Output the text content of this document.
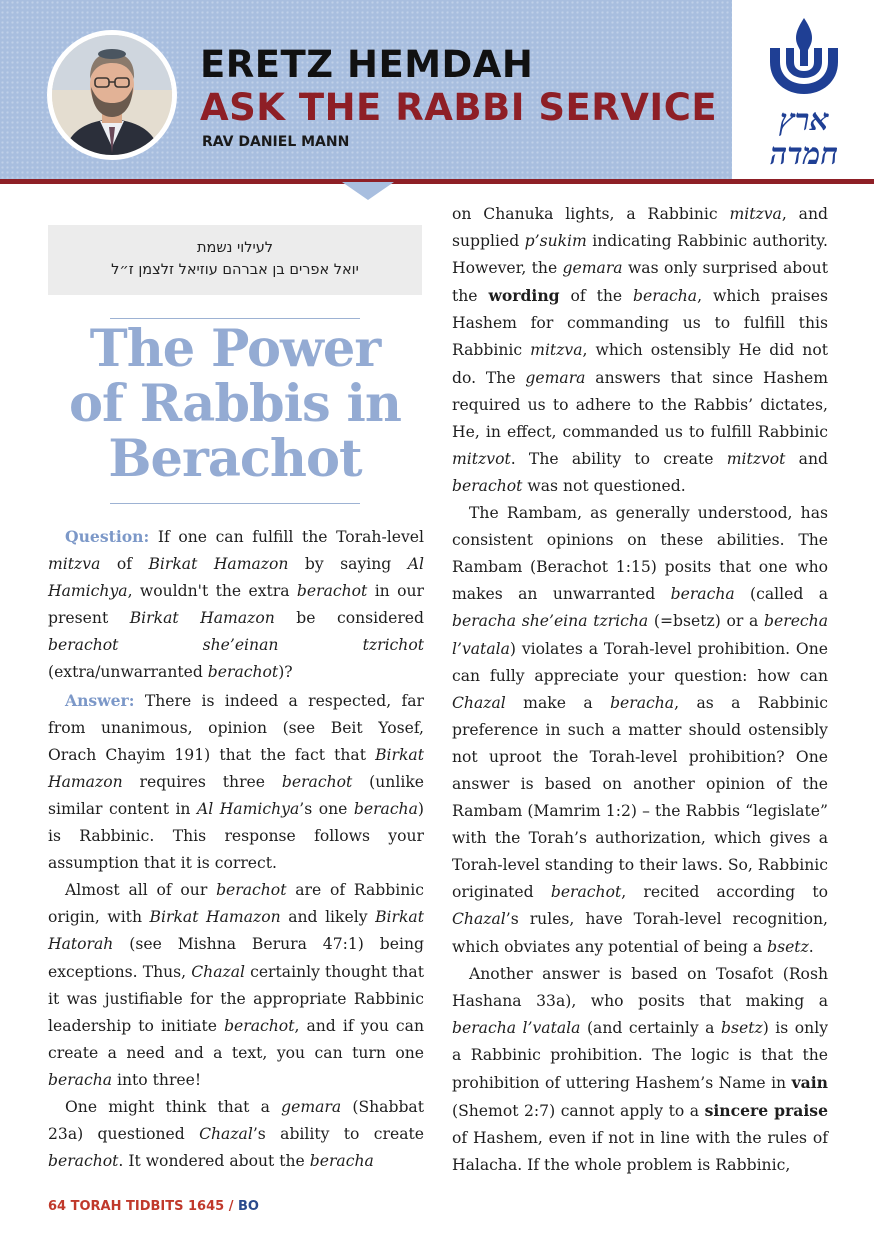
ERETZ HEMDAH
ASK THE RABBI SERVICE
RAV DANIEL MANN
ארץ
חמדה
לעילוי נשמת
יואל אפרים בן אברהם עוזיאל זלצמן ז״ל
The Power
of Rabbis in
Berachot

Question: If one can fulfill the Torah-level mitzva of Birkat Hamazon by saying Al Hamichya, wouldn't the extra berachot in our present Birkat Hamazon be considered berachot she’einan tzrichot (extra/unwarranted berachot)?

Answer: There is indeed a respected, far from unanimous, opinion (see Beit Yosef, Orach Chayim 191) that the fact that Birkat Hamazon requires three berachot (unlike similar content in Al Hamichya’s one beracha) is Rabbinic. This response follows your assumption that it is correct.

Almost all of our berachot are of Rabbinic origin, with Birkat Hamazon and likely Birkat Hatorah (see Mishna Berura 47:1) being exceptions. Thus, Chazal certainly thought that it was justifiable for the appropriate Rabbinic leadership to initiate berachot, and if you can create a need and a text, you can turn one beracha into three!

One might think that a gemara (Shabbat 23a) questioned Chazal’s ability to create berachot. It wondered about the beracha

on Chanuka lights, a Rabbinic mitzva, and supplied p’sukim indicating Rabbinic authority. However, the gemara was only surprised about the wording of the beracha, which praises Hashem for commanding us to fulfill this Rabbinic mitzva, which ostensibly He did not do. The gemara answers that since Hashem required us to adhere to the Rabbis’ dictates, He, in effect, commanded us to fulfill Rabbinic mitzvot. The ability to create mitzvot and berachot was not questioned.

The Rambam, as generally understood, has consistent opinions on these abilities. The Rambam (Berachot 1:15) posits that one who makes an unwarranted beracha (called a beracha she’eina tzricha (=bsetz) or a berecha l’vatala) violates a Torah-level prohibition. One can fully appreciate your question: how can Chazal make a beracha, as a Rabbinic preference in such a matter should ostensibly not uproot the Torah-level prohibition? One answer is based on another opinion of the Rambam (Mamrim 1:2) – the Rabbis “legislate” with the Torah’s authorization, which gives a Torah-level standing to their laws. So, Rabbinic originated berachot, recited according to Chazal’s rules, have Torah-level recognition, which obviates any potential of being a bsetz.

Another answer is based on Tosafot (Rosh Hashana 33a), who posits that making a beracha l’vatala (and certainly a bsetz) is only a Rabbinic prohibition. The logic is that the prohibition of uttering Hashem’s Name in vain (Shemot 2:7) cannot apply to a sincere praise of Hashem, even if not in line with the rules of Halacha. If the whole problem is Rabbinic,

64 TORAH TIDBITS 1645 / BO
